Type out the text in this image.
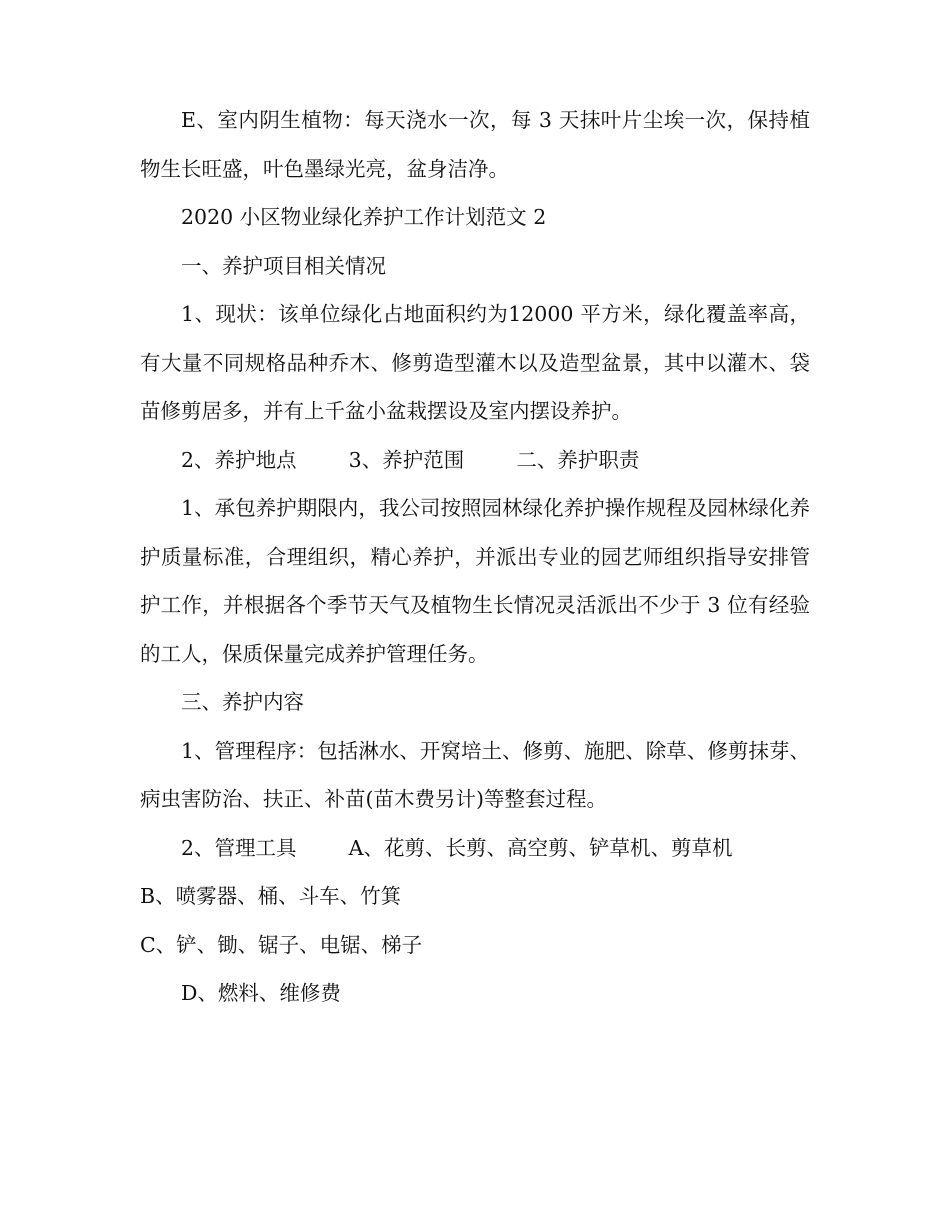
E、室内阴生植物：每天浇水一次，每 3 天抹叶片尘埃一次，保持植物生长旺盛，叶色墨绿光亮，盆身洁净。

2020 小区物业绿化养护工作计划范文 2

一、养护项目相关情况

1、现状：该单位绿化占地面积约为12000 平方米，绿化覆盖率高，有大量不同规格品种乔木、修剪造型灌木以及造型盆景，其中以灌木、袋苗修剪居多，并有上千盆小盆栽摆设及室内摆设养护。

2、养护地点        3、养护范围        二、养护职责

1、承包养护期限内，我公司按照园林绿化养护操作规程及园林绿化养护质量标准，合理组织，精心养护，并派出专业的园艺师组织指导安排管护工作，并根据各个季节天气及植物生长情况灵活派出不少于 3 位有经验的工人，保质保量完成养护管理任务。

三、养护内容

1、管理程序：包括淋水、开窝培土、修剪、施肥、除草、修剪抹芽、病虫害防治、扶正、补苗(苗木费另计)等整套过程。

2、管理工具        A、花剪、长剪、高空剪、铲草机、剪草机

B、喷雾器、桶、斗车、竹箕

C、铲、锄、锯子、电锯、梯子

D、燃料、维修费
